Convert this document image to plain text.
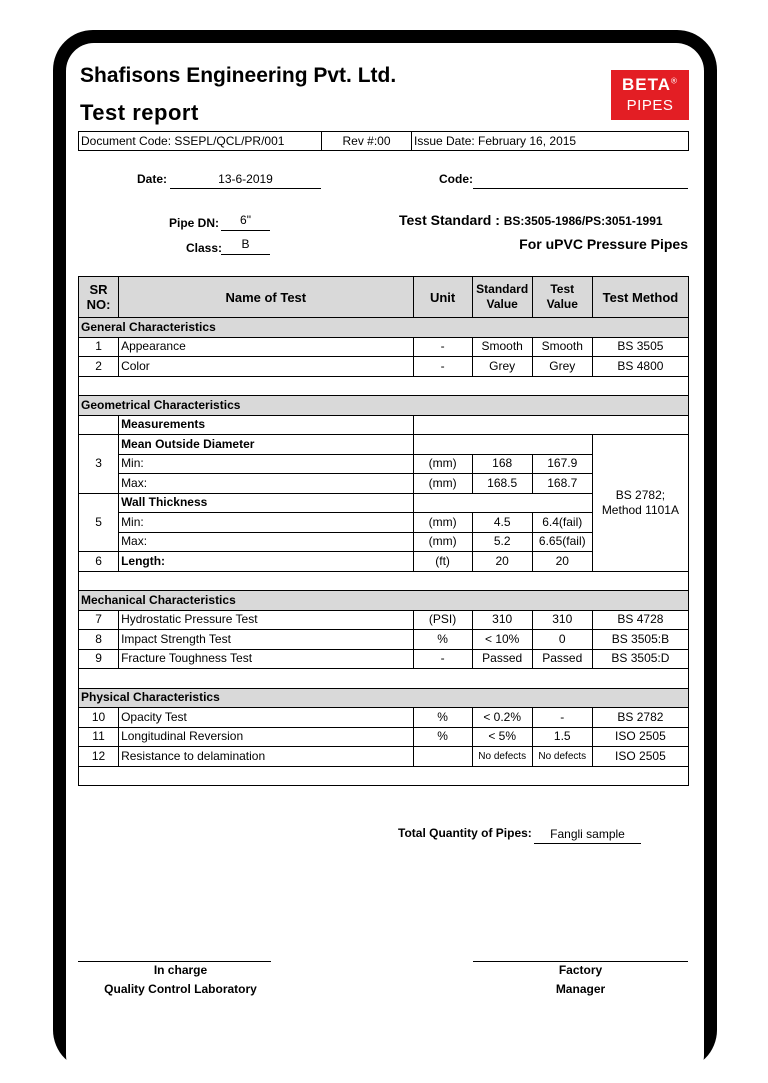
Shafisons Engineering Pvt. Ltd.
Test report
BETA®
PIPES
Document Code: SSEPL/QCL/PR/001	Rev #:00	Issue Date: February 16, 2015
Date:	13-6-2019	Code:
Pipe DN:	6"
Class:	B
Test Standard : BS:3505-1986/PS:3051-1991
For uPVC Pressure Pipes
SR NO:	Name of Test	Unit	Standard Value	Test Value	Test Method
General Characteristics					
1	Appearance	-	Smooth	Smooth	BS 3505
2	Color	-	Grey	Grey	BS 4800

Geometrical Characteristics					
	Measurements				
3	Mean Outside Diameter				BS 2782;
Method 1101A

	Min:	(mm)	168	167.9	
	Max:	(mm)	168.5	168.7	
5	Wall Thickness				
	Min:	(mm)	4.5	6.4(fail)	
	Max:	(mm)	5.2	6.65(fail)	
6	Length:	(ft)	20	20	

Mechanical Characteristics					
7	Hydrostatic Pressure Test	(PSI)	310	310	BS 4728
8	Impact Strength Test	%	< 10%	0	BS 3505:B
9	Fracture Toughness Test	-	Passed	Passed	BS 3505:D

Physical Characteristics					
10	Opacity Test	%	< 0.2%	-	BS 2782
11	Longitudinal Reversion	%	< 5%	1.5	ISO 2505
12	Resistance to delamination		No defects	No defects	ISO 2505

Total Quantity of Pipes:	Fangli sample
In charge
Quality Control Laboratory
Factory
Manager
